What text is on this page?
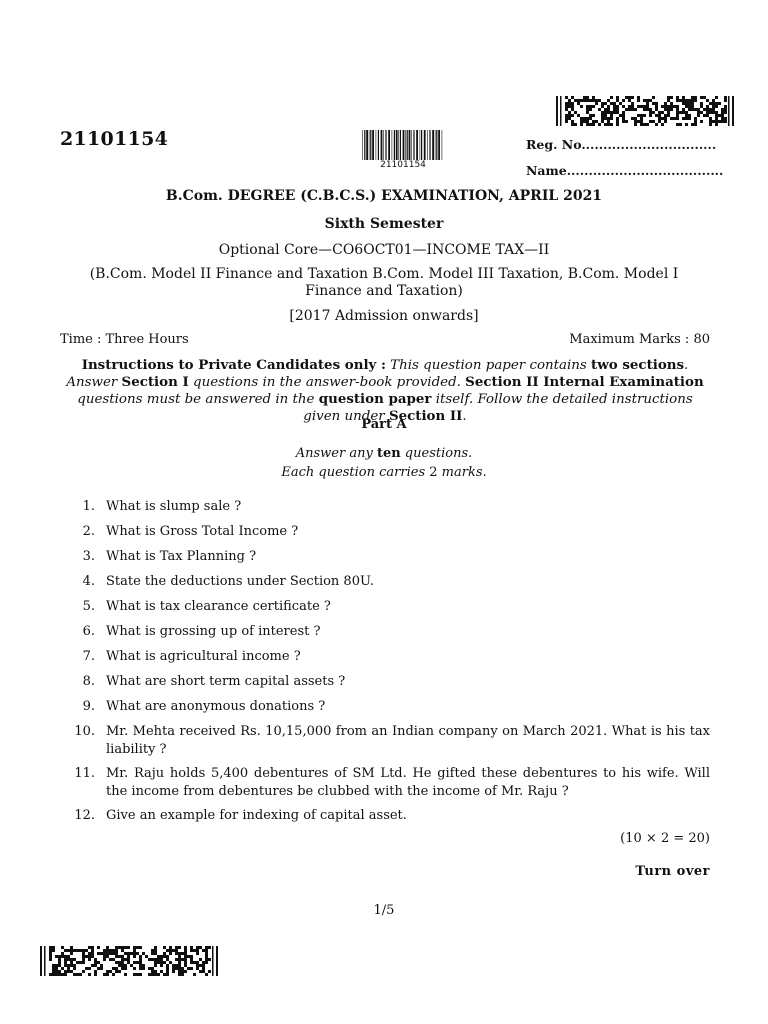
21101154
21101154
Reg. No...............................
Name....................................
B.Com. DEGREE (C.B.C.S.) EXAMINATION, APRIL 2021
Sixth Semester
Optional Core—CO6OCT01—INCOME TAX—II
(B.Com. Model II Finance and Taxation B.Com. Model III Taxation, B.Com. Model I Finance and Taxation)
[2017 Admission onwards]
Time : Three Hours	Maximum Marks : 80
Instructions to Private Candidates only : This question paper contains two sections. Answer Section I questions in the answer-book provided. Section II Internal Examination questions must be answered in the question paper itself. Follow the detailed instructions given under Section II.
Part A
Answer any ten questions.
Each question carries 2 marks.
1. What is slump sale ?
2. What is Gross Total Income ?
3. What is Tax Planning ?
4. State the deductions under Section 80U.
5. What is tax clearance certificate ?
6. What is grossing up of interest ?
7. What is agricultural income ?
8. What are short term capital assets ?
9. What are anonymous donations ?
10. Mr. Mehta received Rs. 10,15,000 from an Indian company on March 2021. What is his tax liability ?
11. Mr. Raju holds 5,400 debentures of SM Ltd. He gifted these debentures to his wife. Will the income from debentures be clubbed with the income of Mr. Raju ?
12. Give an example for indexing of capital asset.
(10 × 2 = 20)
Turn over
1/5
